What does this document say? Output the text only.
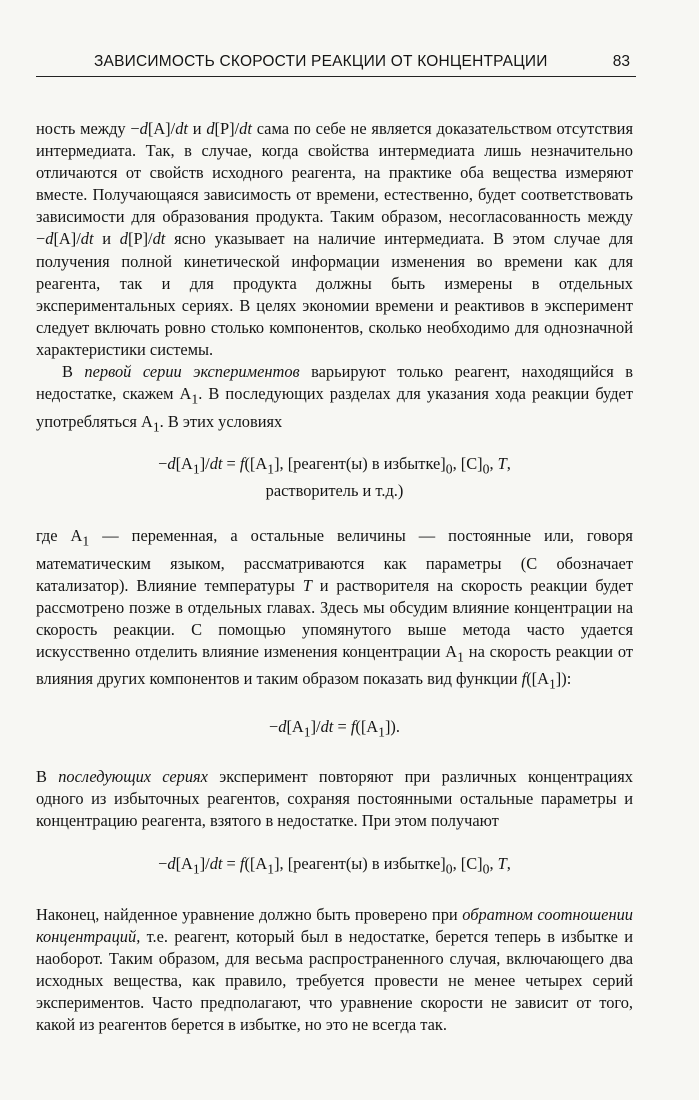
ЗАВИСИМОСТЬ СКОРОСТИ РЕАКЦИИ ОТ КОНЦЕНТРАЦИИ	83

ность между −d[A]/dt и d[P]/dt сама по себе не является доказательством отсутствия интермедиата. Так, в случае, когда свойства интермедиата лишь незначительно отличаются от свойств исходного реагента, на практике оба вещества измеряют вместе. Получающаяся зависимость от времени, естественно, будет соответствовать зависимости для образования продукта. Таким образом, несогласованность между −d[A]/dt и d[P]/dt ясно указывает на наличие интермедиата. В этом случае для получения полной кинетической информации изменения во времени как для реагента, так и для продукта должны быть измерены в отдельных экспериментальных сериях. В целях экономии времени и реактивов в эксперимент следует включать ровно столько компонентов, сколько необходимо для однозначной характеристики системы.

В первой серии экспериментов варьируют только реагент, находящийся в недостатке, скажем $A_1$. В последующих разделах для указания хода реакции будет употребляться $A_1$. В этих условиях

$-d[A_1]/dt = f([A_1]$, [реагент(ы) в $избытке]_0$, $[C]_0$, T,
растворитель и т.д.)

где $A_1$ — переменная, а остальные величины — постоянные или, говоря математическим языком, рассматриваются как параметры (C обозначает катализатор). Влияние температуры T и растворителя на скорость реакции будет рассмотрено позже в отдельных главах. Здесь мы обсудим влияние концентрации на скорость реакции. С помощью упомянутого выше метода часто удается искусственно отделить влияние изменения концентрации $A_1$ на скорость реакции от влияния других компонентов и таким образом показать вид функции $f([A_1])$:

$-d[A_1]/dt = f([A_1])$.

В последующих сериях эксперимент повторяют при различных концентрациях одного из избыточных реагентов, сохраняя постоянными остальные параметры и концентрацию реагента, взятого в недостатке. При этом получают

$-d[A_1]/dt = f([A_1]$, [реагент(ы) в $избытке]_0$, $[C]_0$, T,

Наконец, найденное уравнение должно быть проверено при обратном соотношении концентраций, т.е. реагент, который был в недостатке, берется теперь в избытке и наоборот. Таким образом, для весьма распространенного случая, включающего два исходных вещества, как правило, требуется провести не менее четырех серий экспериментов. Часто предполагают, что уравнение скорости не зависит от того, какой из реагентов берется в избытке, но это не всегда так.
